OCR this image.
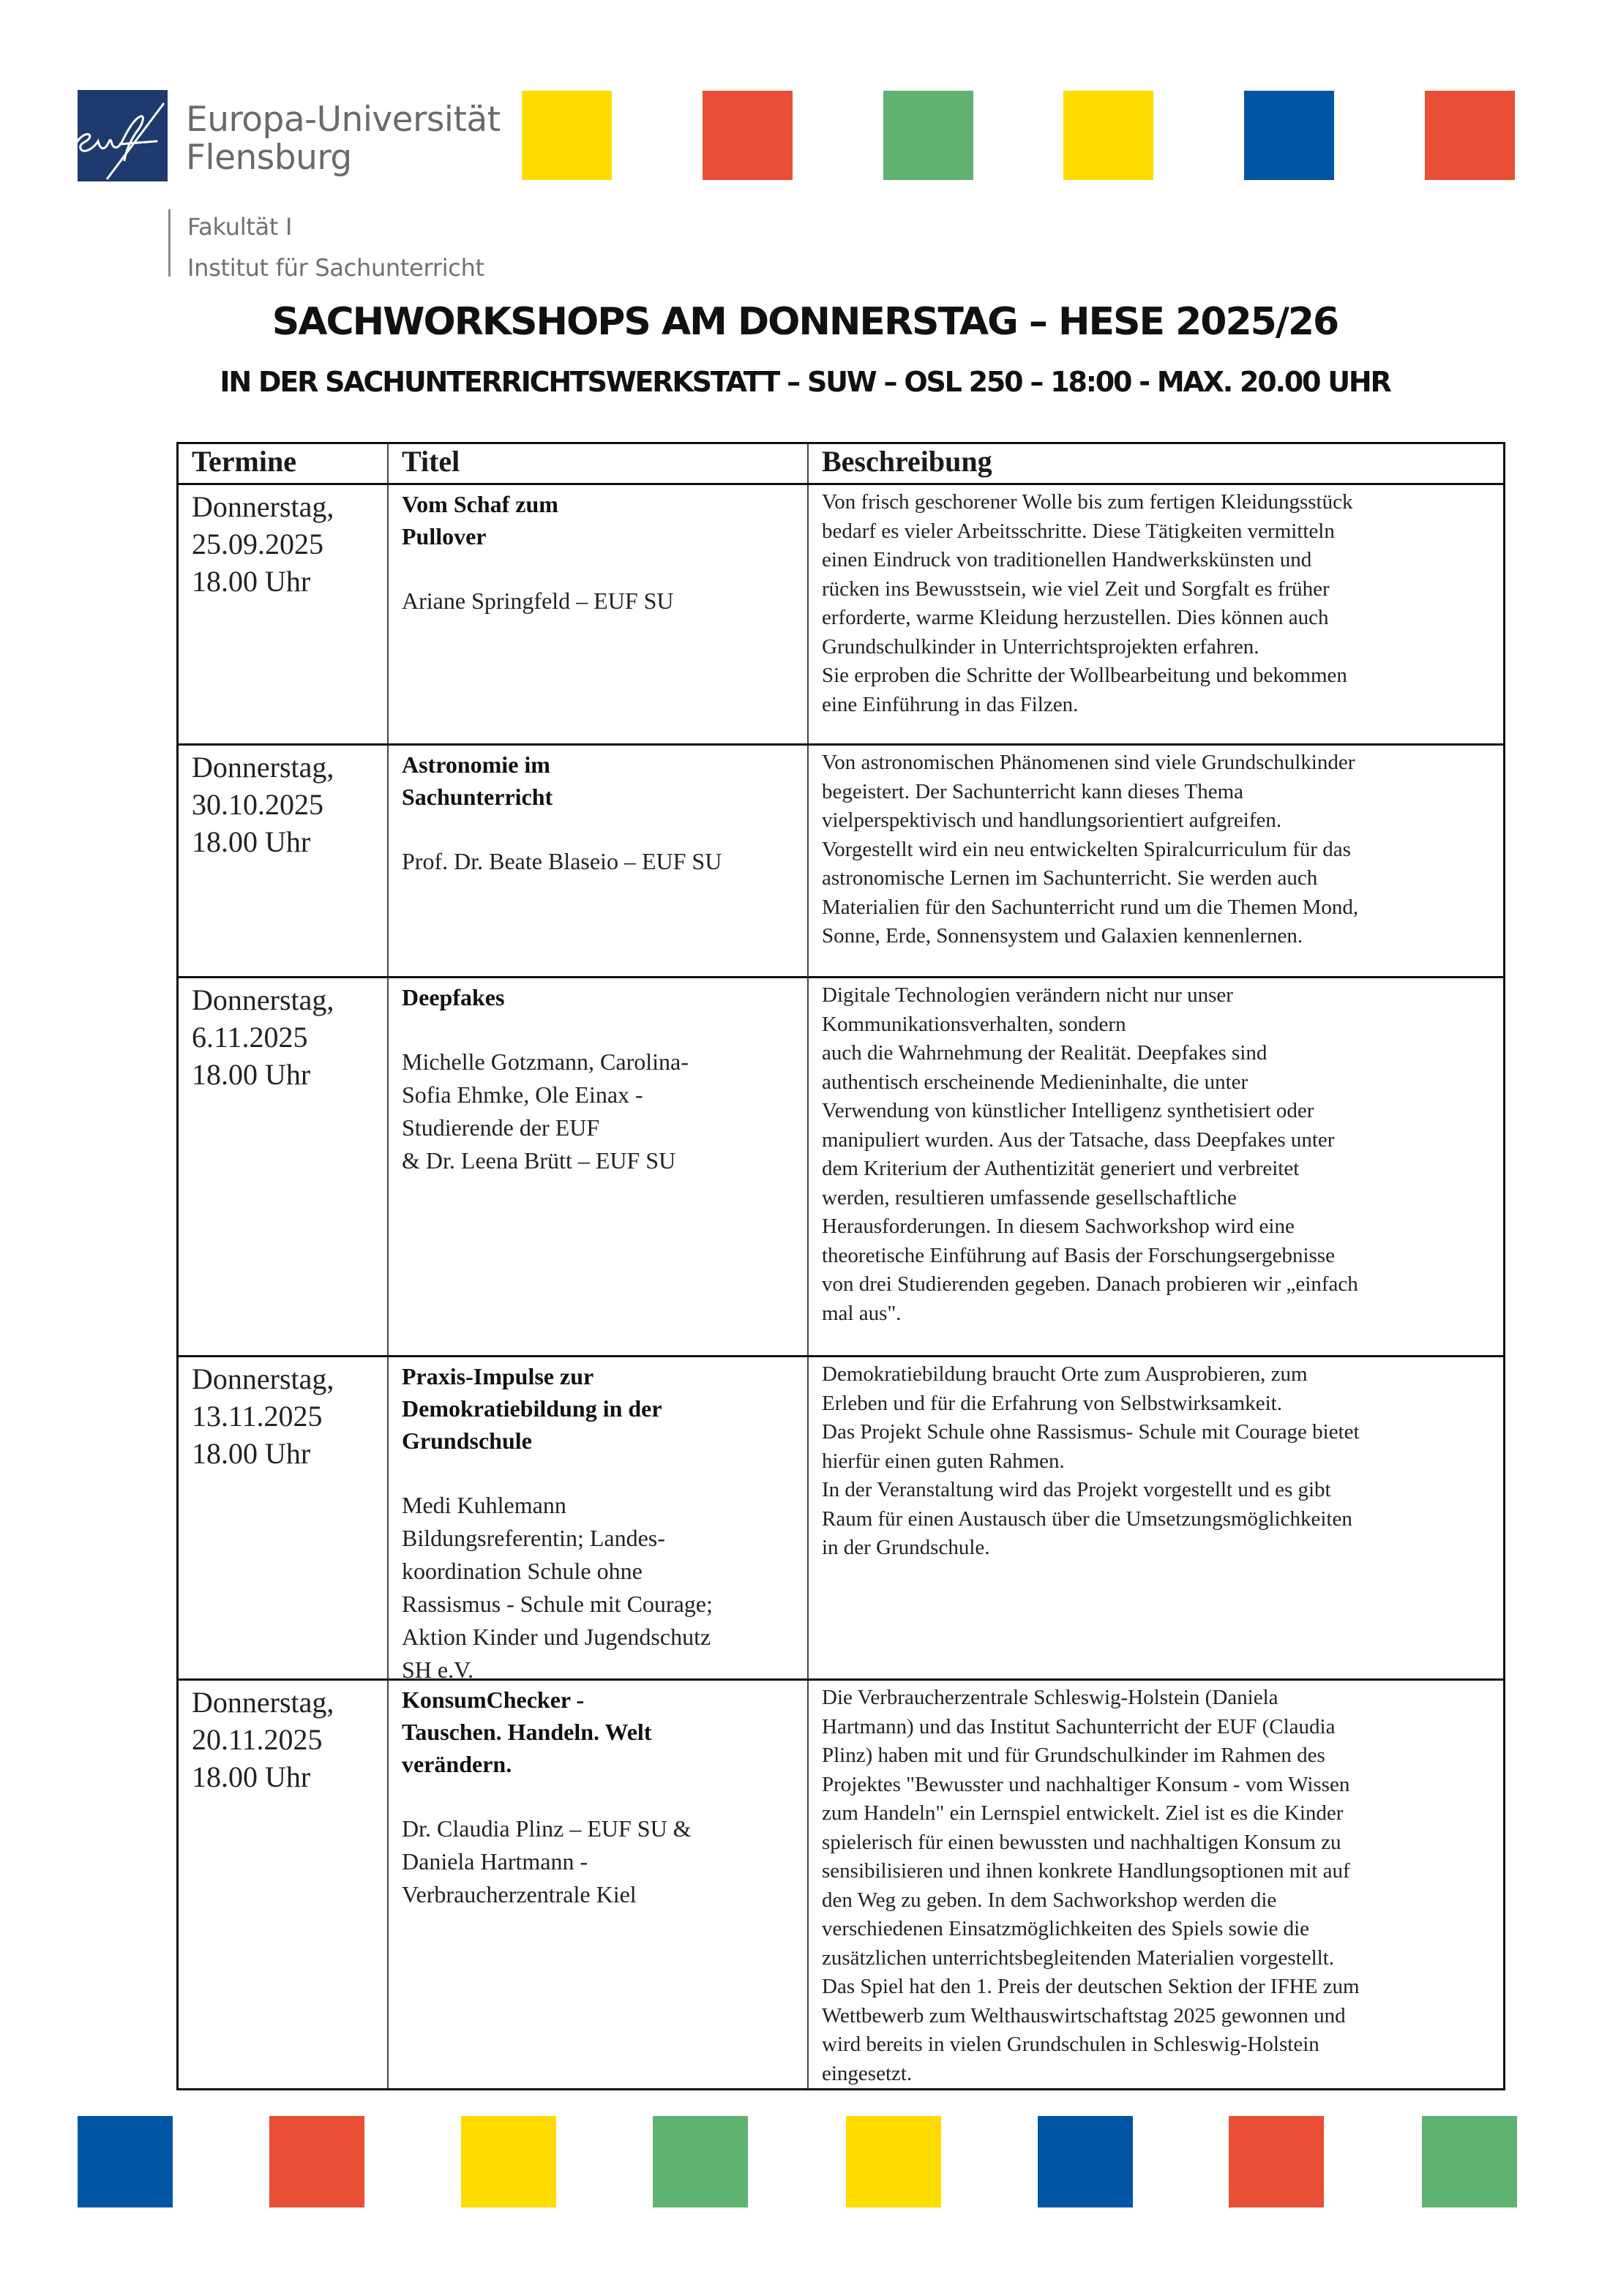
Europa-Universität
Flensburg
Fakultät I
Institut für Sachunterricht
SACHWORKSHOPS AM DONNERSTAG – HESE 2025/26
IN DER SACHUNTERRICHTSWERKSTATT – SUW – OSL 250 – 18:00 - MAX. 20.00 UHR
Termine	Titel	Beschreibung
Donnerstag,
25.09.2025
18.00 Uhr
Vom Schaf zum
Pullover
Ariane Springfeld – EUF SU
Von frisch geschorener Wolle bis zum fertigen Kleidungsstück
bedarf es vieler Arbeitsschritte. Diese Tätigkeiten vermitteln
einen Eindruck von traditionellen Handwerkskünsten und
rücken ins Bewusstsein, wie viel Zeit und Sorgfalt es früher
erforderte, warme Kleidung herzustellen. Dies können auch
Grundschulkinder in Unterrichtsprojekten erfahren.
Sie erproben die Schritte der Wollbearbeitung und bekommen
eine Einführung in das Filzen.
Donnerstag,
30.10.2025
18.00 Uhr
Astronomie im
Sachunterricht
Prof. Dr. Beate Blaseio – EUF SU
Von astronomischen Phänomenen sind viele Grundschulkinder
begeistert. Der Sachunterricht kann dieses Thema
vielperspektivisch und handlungsorientiert aufgreifen.
Vorgestellt wird ein neu entwickelten Spiralcurriculum für das
astronomische Lernen im Sachunterricht. Sie werden auch
Materialien für den Sachunterricht rund um die Themen Mond,
Sonne, Erde, Sonnensystem und Galaxien kennenlernen.
Donnerstag,
6.11.2025
18.00 Uhr
Deepfakes
Michelle Gotzmann, Carolina-
Sofia Ehmke, Ole Einax -
Studierende der EUF
& Dr. Leena Brütt – EUF SU
Digitale Technologien verändern nicht nur unser
Kommunikationsverhalten, sondern
auch die Wahrnehmung der Realität. Deepfakes sind
authentisch erscheinende Medieninhalte, die unter
Verwendung von künstlicher Intelligenz synthetisiert oder
manipuliert wurden. Aus der Tatsache, dass Deepfakes unter
dem Kriterium der Authentizität generiert und verbreitet
werden, resultieren umfassende gesellschaftliche
Herausforderungen. In diesem Sachworkshop wird eine
theoretische Einführung auf Basis der Forschungsergebnisse
von drei Studierenden gegeben. Danach probieren wir „einfach
mal aus".
Donnerstag,
13.11.2025
18.00 Uhr
Praxis-Impulse zur
Demokratiebildung in der
Grundschule
Medi Kuhlemann
Bildungsreferentin; Landes-
koordination Schule ohne
Rassismus - Schule mit Courage;
Aktion Kinder und Jugendschutz
SH e.V.
Demokratiebildung braucht Orte zum Ausprobieren, zum
Erleben und für die Erfahrung von Selbstwirksamkeit.
Das Projekt Schule ohne Rassismus- Schule mit Courage bietet
hierfür einen guten Rahmen.
In der Veranstaltung wird das Projekt vorgestellt und es gibt
Raum für einen Austausch über die Umsetzungsmöglichkeiten
in der Grundschule.
Donnerstag,
20.11.2025
18.00 Uhr
KonsumChecker -
Tauschen. Handeln. Welt
verändern.
Dr. Claudia Plinz – EUF SU &
Daniela Hartmann -
Verbraucherzentrale Kiel
Die Verbraucherzentrale Schleswig-Holstein (Daniela
Hartmann) und das Institut Sachunterricht der EUF (Claudia
Plinz) haben mit und für Grundschulkinder im Rahmen des
Projektes "Bewusster und nachhaltiger Konsum - vom Wissen
zum Handeln" ein Lernspiel entwickelt. Ziel ist es die Kinder
spielerisch für einen bewussten und nachhaltigen Konsum zu
sensibilisieren und ihnen konkrete Handlungsoptionen mit auf
den Weg zu geben. In dem Sachworkshop werden die
verschiedenen Einsatzmöglichkeiten des Spiels sowie die
zusätzlichen unterrichtsbegleitenden Materialien vorgestellt.
Das Spiel hat den 1. Preis der deutschen Sektion der IFHE zum
Wettbewerb zum Welthauswirtschaftstag 2025 gewonnen und
wird bereits in vielen Grundschulen in Schleswig-Holstein
eingesetzt.
